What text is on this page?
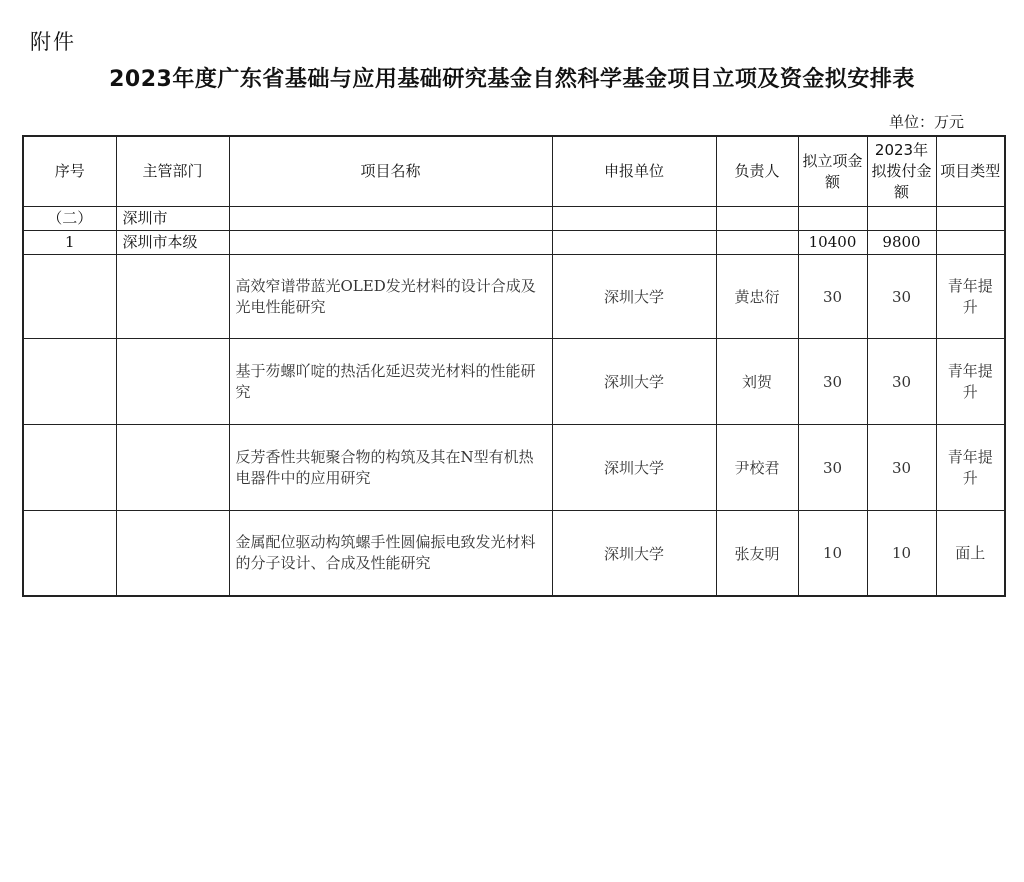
附件
2023年度广东省基础与应用基础研究基金自然科学基金项目立项及资金拟安排表
单位：万元
序号	主管部门	项目名称	申报单位	负责人	拟立项金额	2023年拟拨付金额	项目类型
（二）	深圳市						
1	深圳市本级				10400	9800	
		高效窄谱带蓝光OLED发光材料的设计合成及光电性能研究	深圳大学	黄忠衍	30	30	青年提升
		基于芴螺吖啶的热活化延迟荧光材料的性能研究	深圳大学	刘贺	30	30	青年提升
		反芳香性共轭聚合物的构筑及其在N型有机热电器件中的应用研究	深圳大学	尹校君	30	30	青年提升
		金属配位驱动构筑螺手性圆偏振电致发光材料的分子设计、合成及性能研究	深圳大学	张友明	10	10	面上
